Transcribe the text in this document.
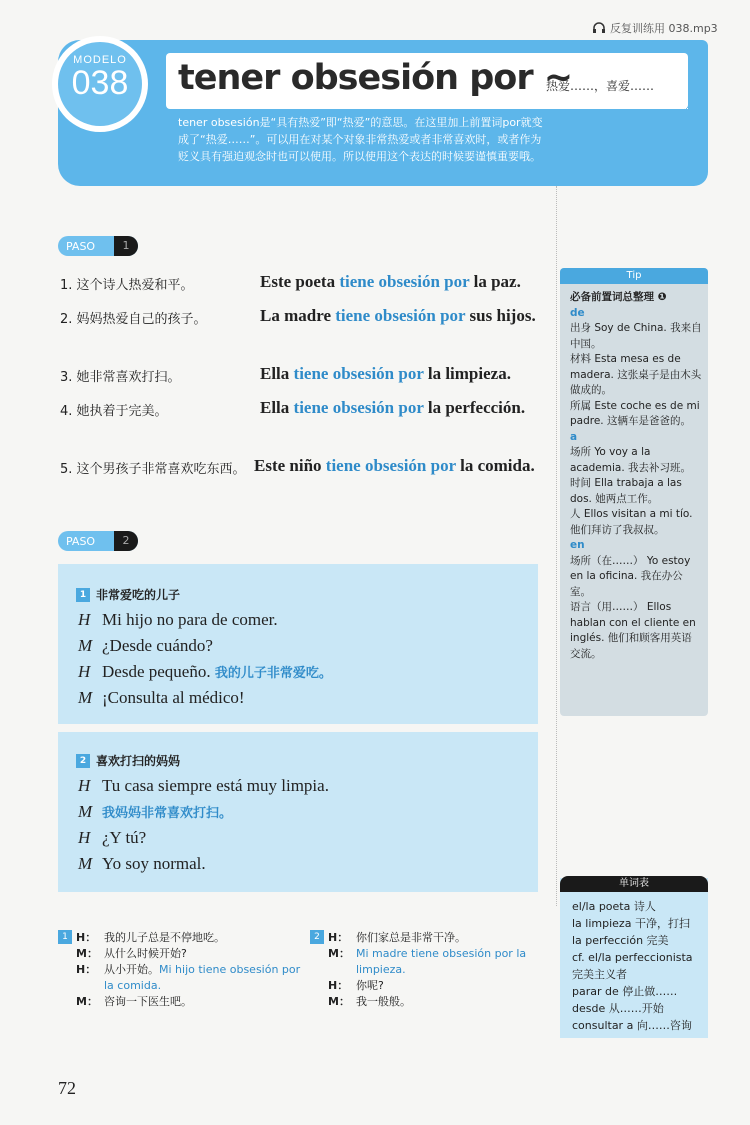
反复训练用 038.mp3
MODELO
038	tener obsesión por ~
热爱……，喜爱……
tener obsesión是“具有热爱”即“热爱”的意思。在这里加上前置词por就变成了“热爱……”。可以用在对某个对象非常热爱或者非常喜欢时，或者作为贬义具有强迫观念时也可以使用。所以使用这个表达的时候要谨慎重要哦。
PASO	1
1. 这个诗人热爱和平。	Este poeta tiene obsesión por la paz.
2. 妈妈热爱自己的孩子。	La madre tiene obsesión por sus hijos.
3. 她非常喜欢打扫。	Ella tiene obsesión por la limpieza.
4. 她执着于完美。	Ella tiene obsesión por la perfección.
5. 这个男孩子非常喜欢吃东西。 Este niño tiene obsesión por la comida.
PASO	2
1 非常爱吃的儿子
H Mi hijo no para de comer.
M ¿Desde cuándo?
H Desde pequeño. 我的儿子非常爱吃。
M ¡Consulta al médico!
2 喜欢打扫的妈妈
H Tu casa siempre está muy limpia.
M 我妈妈非常喜欢打扫。
H ¿Y tú?
M Yo soy normal.
1 H： 我的儿子总是不停地吃。
M： 从什么时候开始?
H： 从小开始。Mi hijo tiene obsesión por la comida.
M： 咨询一下医生吧。
2 H： 你们家总是非常干净。
M： Mi madre tiene obsesión por la limpieza.
H： 你呢?
M： 我一般般。
Tip
必备前置词总整理 ❶
de
出身 Soy de China. 我来自中国。
材料 Esta mesa es de madera. 这张桌子是由木头做成的。
所属 Este coche es de mi padre. 这辆车是爸爸的。
a
场所 Yo voy a la academia. 我去补习班。
时间 Ella trabaja a las dos. 她两点工作。
人 Ellos visitan a mi tío. 他们拜访了我叔叔。
en
场所（在……） Yo estoy en la oficina. 我在办公室。
语言（用……） Ellos hablan con el cliente en inglés. 他们和顾客用英语交流。
单词表
el/la poeta 诗人
la limpieza 干净，打扫
la perfección 完美
cf. el/la perfeccionista 完美主义者
parar de 停止做……
desde 从……开始
consultar a 向……咨询
72
